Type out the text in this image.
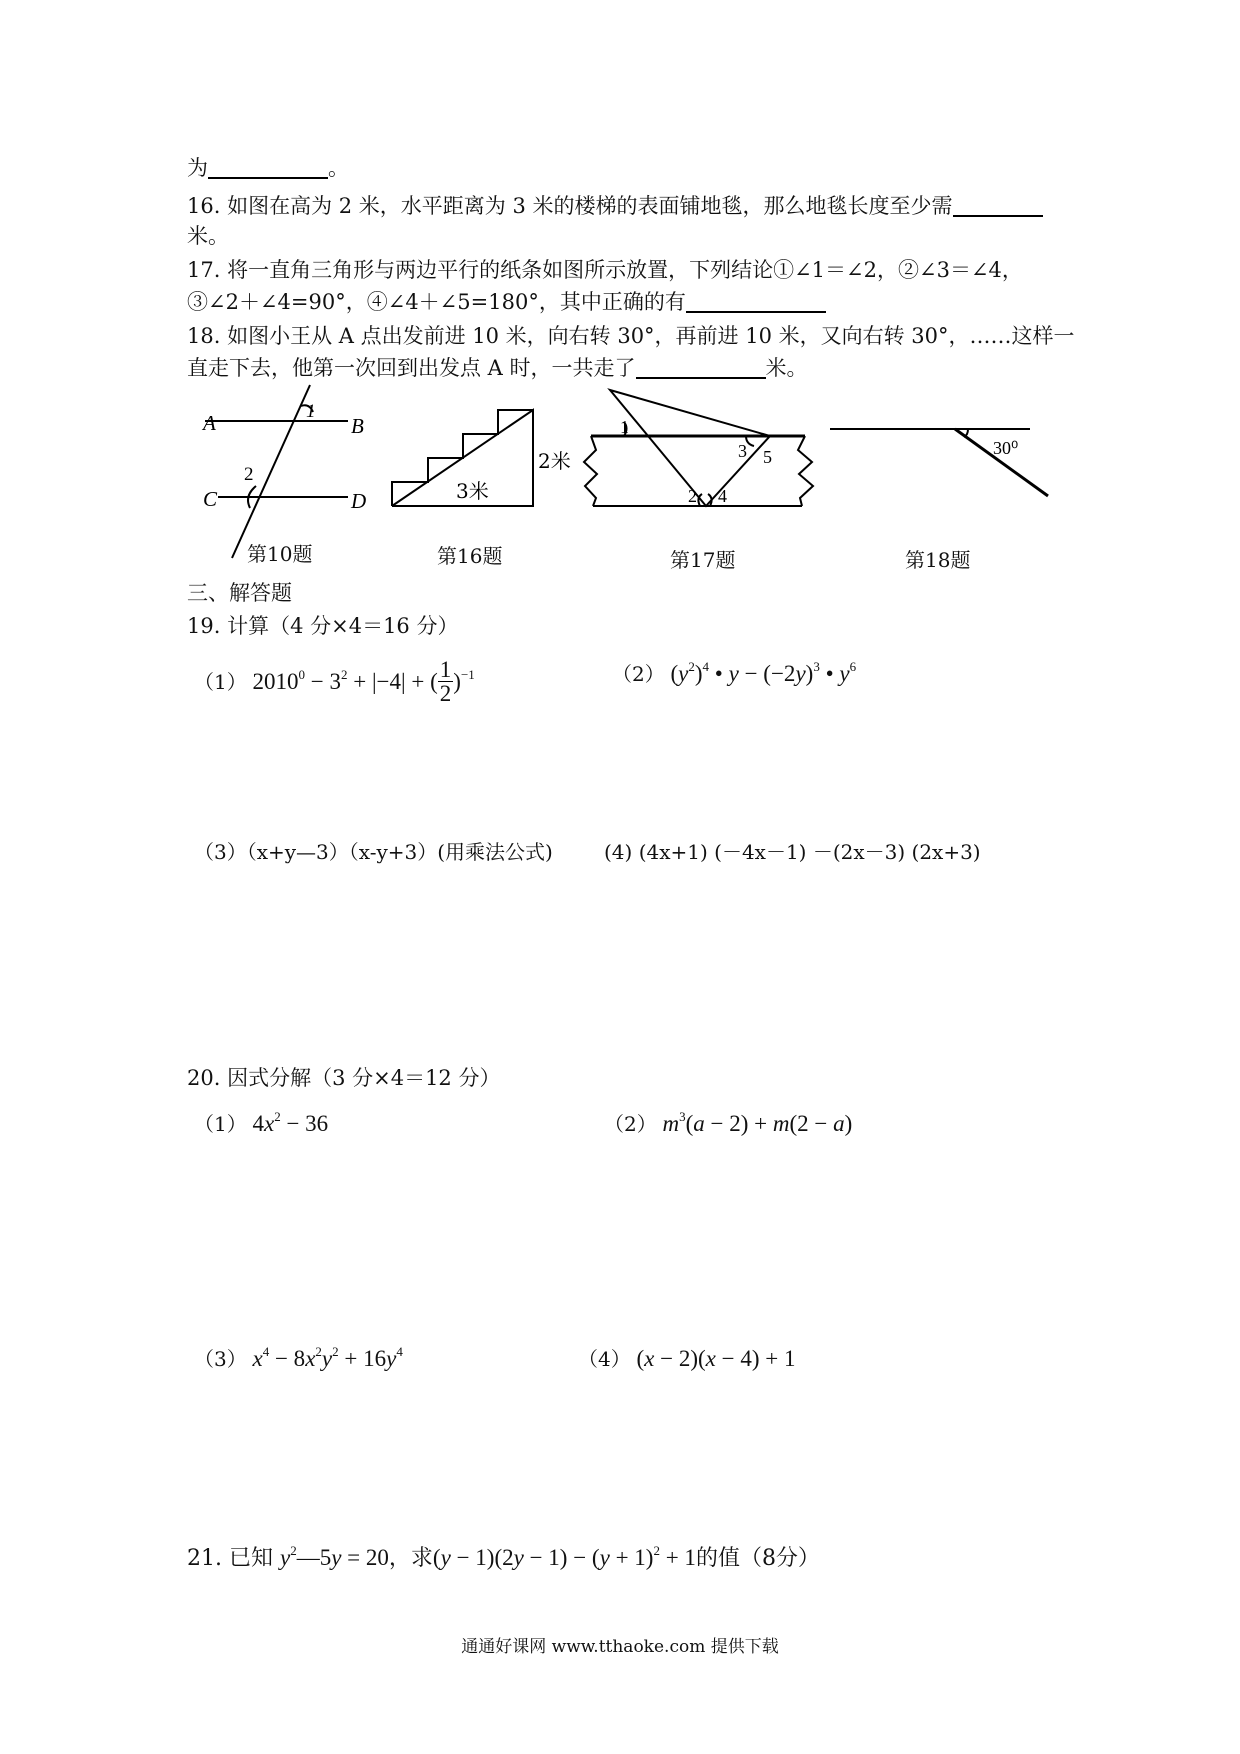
为	。
16. 如图在高为 2 米，水平距离为 3 米的楼梯的表面铺地毯，那么地毯长度至少需
米。
17. 将一直角三角形与两边平行的纸条如图所示放置，下列结论①∠1＝∠2，②∠3＝∠4，
③∠2＋∠4=90°，④∠4＋∠5=180°，其中正确的有
18. 如图小王从 A 点出发前进 10 米，向右转 30°，再前进 10 米，又向右转 30°，……这样一
直走下去，他第一次回到出发点 A 时，一共走了	米。
A	B
C	D
1
2
2米
3米
1
3 5
2 4
30⁰
第10题	第16题	第17题	第18题
三、解答题
19. 计算（4 分×4＝16 分）
（1） $2010^0 - 3^2 + |-4|$ + ( $\frac{1}{2} )^{-1}$	（2） $(y^2)^4$ • $y - (-2y)^3$ • $y^6$
（3）（x+y—3）（x-y+3）(用乘法公式)	(4) (4x+1) (－4x－1) －(2x－3) (2x+3)
20. 因式分解（3 分×4＝12 分）
（1） $4x^2 - 36$	（2） $m^3(a - 2) + m(2 - a)$
（3） $x^4 - 8x^2y^2 + 16y^4$	（4） (x − 2)(x − 4) + 1
21. 已知 $y^2—5y = 20$，求$(y - 1)(2y - 1) - (y + 1)^2 + 1$的值（8分）
通通好课网 www.tthaoke.com 提供下载
